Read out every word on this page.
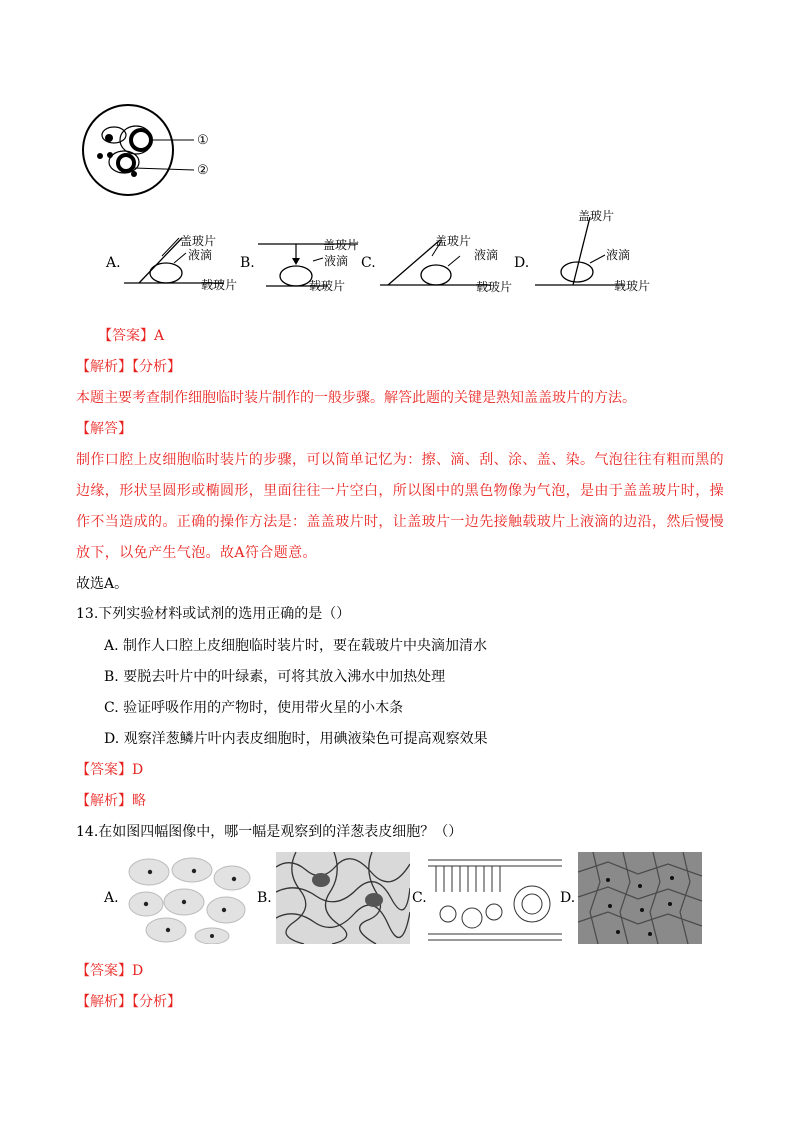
①
②
A.
盖玻片
液滴
载玻片
B.
盖玻片
液滴
载玻片
C.
盖玻片
液滴
载玻片
D.
盖玻片
液滴
载玻片
【答案】A
【解析】【分析】
本题主要考查制作细胞临时装片制作的一般步骤。解答此题的关键是熟知盖盖玻片的方法。
【解答】
制作口腔上皮细胞临时装片的步骤，可以简单记忆为：擦、滴、刮、涂、盖、染。气泡往往有粗而黑的边缘，形状呈圆形或椭圆形，里面往往一片空白，所以图中的黑色物像为气泡，是由于盖盖玻片时，操作不当造成的。正确的操作方法是：盖盖玻片时，让盖玻片一边先接触载玻片上液滴的边沿，然后慢慢放下，以免产生气泡。故A符合题意。
故选A。
13.下列实验材料或试剂的选用正确的是（）
A. 制作人口腔上皮细胞临时装片时，要在载玻片中央滴加清水
B. 要脱去叶片中的叶绿素，可将其放入沸水中加热处理
C. 验证呼吸作用的产物时，使用带火星的小木条
D. 观察洋葱鳞片叶内表皮细胞时，用碘液染色可提高观察效果
【答案】D
【解析】略
14.在如图四幅图像中，哪一幅是观察到的洋葱表皮细胞？（）
A.	B.	C.	D.
【答案】D
【解析】【分析】
